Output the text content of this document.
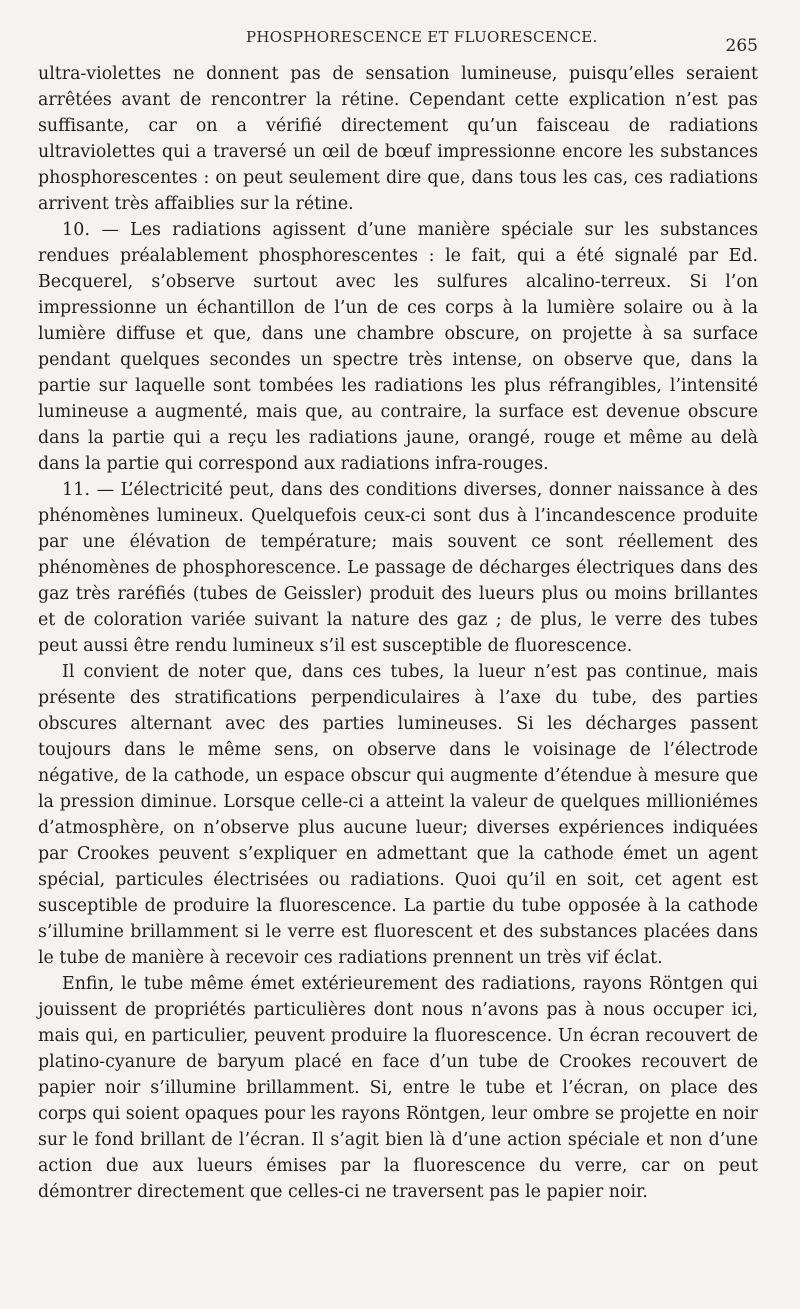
PHOSPHORESCENCE ET FLUORESCENCE.	265

ultra-violettes ne donnent pas de sensation lumineuse, puisqu’elles seraient arrêtées avant de rencontrer la rétine. Cependant cette explication n’est pas suffisante, car on a vérifié directement qu’un faisceau de radiations ultraviolettes qui a traversé un œil de bœuf impressionne encore les substances phosphorescentes : on peut seulement dire que, dans tous les cas, ces radiations arrivent très affaiblies sur la rétine.

10. — Les radiations agissent d’une manière spéciale sur les substances rendues préalablement phosphorescentes : le fait, qui a été signalé par Ed. Becquerel, s’observe surtout avec les sulfures alcalino-terreux. Si l’on impressionne un échantillon de l’un de ces corps à la lumière solaire ou à la lumière diffuse et que, dans une chambre obscure, on projette à sa surface pendant quelques secondes un spectre très intense, on observe que, dans la partie sur laquelle sont tombées les radiations les plus réfrangibles, l’intensité lumineuse a augmenté, mais que, au contraire, la surface est devenue obscure dans la partie qui a reçu les radiations jaune, orangé, rouge et même au delà dans la partie qui correspond aux radiations infra-rouges.

11. — L’électricité peut, dans des conditions diverses, donner naissance à des phénomènes lumineux. Quelquefois ceux-ci sont dus à l’incandescence produite par une élévation de température; mais souvent ce sont réellement des phénomènes de phosphorescence. Le passage de décharges électriques dans des gaz très raréfiés (tubes de Geissler) produit des lueurs plus ou moins brillantes et de coloration variée suivant la nature des gaz ; de plus, le verre des tubes peut aussi être rendu lumineux s’il est susceptible de fluorescence.

Il convient de noter que, dans ces tubes, la lueur n’est pas continue, mais présente des stratifications perpendiculaires à l’axe du tube, des parties obscures alternant avec des parties lumineuses. Si les décharges passent toujours dans le même sens, on observe dans le voisinage de l’électrode négative, de la cathode, un espace obscur qui augmente d’étendue à mesure que la pression diminue. Lorsque celle-ci a atteint la valeur de quelques millioniémes d’atmosphère, on n’observe plus aucune lueur; diverses expériences indiquées par Crookes peuvent s’expliquer en admettant que la cathode émet un agent spécial, particules électrisées ou radiations. Quoi qu’il en soit, cet agent est susceptible de produire la fluorescence. La partie du tube opposée à la cathode s’illumine brillamment si le verre est fluorescent et des substances placées dans le tube de manière à recevoir ces radiations prennent un très vif éclat.

Enfin, le tube même émet extérieurement des radiations, rayons Röntgen qui jouissent de propriétés particulières dont nous n’avons pas à nous occuper ici, mais qui, en particulier, peuvent produire la fluorescence. Un écran recouvert de platino-cyanure de baryum placé en face d’un tube de Crookes recouvert de papier noir s’illumine brillamment. Si, entre le tube et l’écran, on place des corps qui soient opaques pour les rayons Röntgen, leur ombre se projette en noir sur le fond brillant de l’écran. Il s’agit bien là d’une action spéciale et non d’une action due aux lueurs émises par la fluorescence du verre, car on peut démontrer directement que celles-ci ne traversent pas le papier noir.
